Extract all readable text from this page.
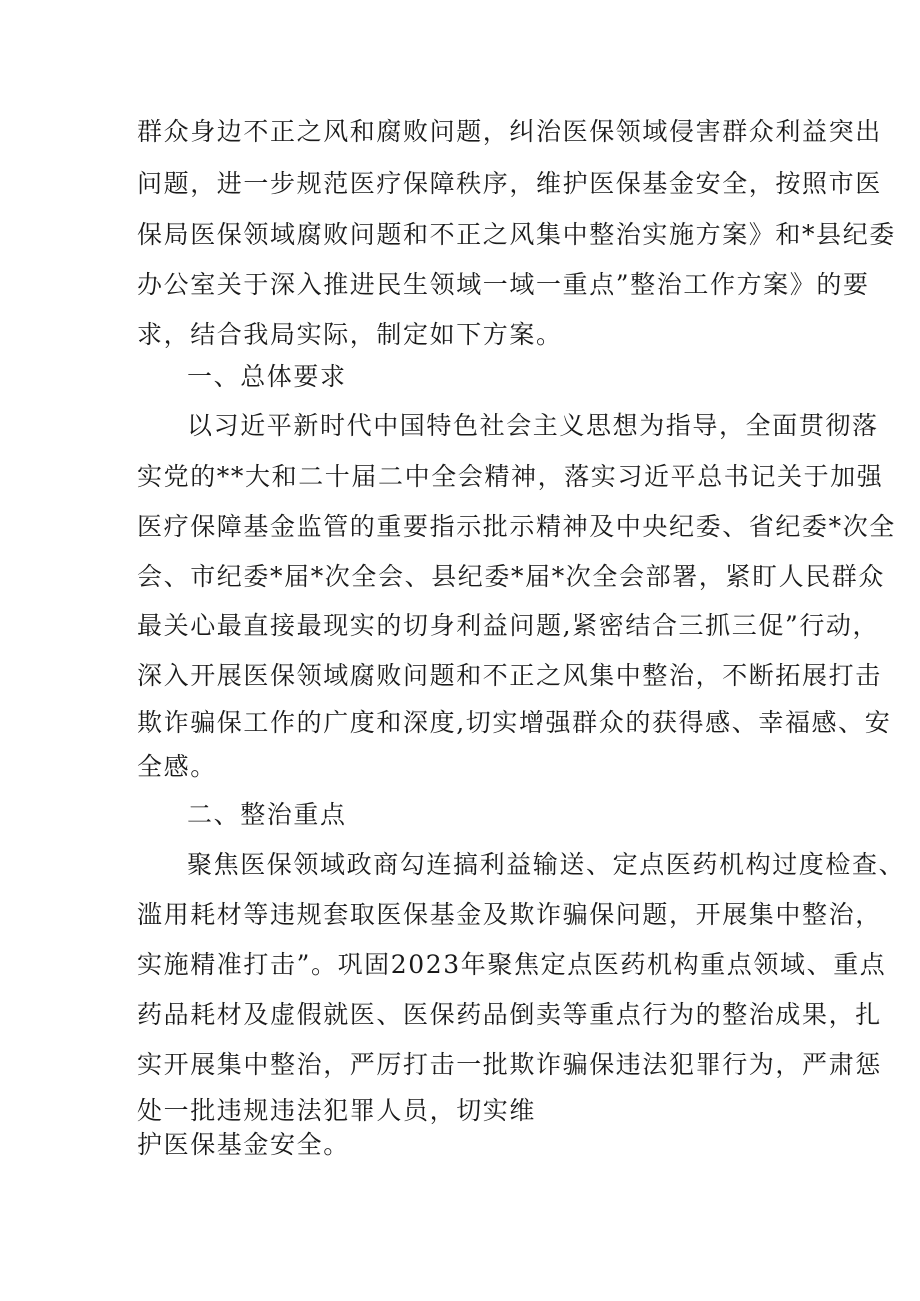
群众身边不正之风和腐败问题，纠治医保领域侵害群众利益突出

问题，进一步规范医疗保障秩序，维护医保基金安全，按照市医

保局医保领域腐败问题和不正之风集中整治实施方案》和*县纪委

办公室关于深入推进民生领域一域一重点”整治工作方案》的要

求，结合我局实际，制定如下方案。

一、总体要求

以习近平新时代中国特色社会主义思想为指导，全面贯彻落

实党的**大和二十届二中全会精神，落实习近平总书记关于加强

医疗保障基金监管的重要指示批示精神及中央纪委、省纪委*次全

会、市纪委*届*次全会、县纪委*届*次全会部署，紧盯人民群众

最关心最直接最现实的切身利益问题,紧密结合三抓三促”行动，

深入开展医保领域腐败问题和不正之风集中整治，不断拓展打击

欺诈骗保工作的广度和深度,切实增强群众的获得感、幸福感、安

全感。

二、整治重点

聚焦医保领域政商勾连搞利益输送、定点医药机构过度检查、

滥用耗材等违规套取医保基金及欺诈骗保问题，开展集中整治，

实施精准打击”。巩固2023年聚焦定点医药机构重点领域、重点

药品耗材及虚假就医、医保药品倒卖等重点行为的整治成果，扎

实开展集中整治，严厉打击一批欺诈骗保违法犯罪行为，严肃惩

处一批违规违法犯罪人员，切实维

护医保基金安全。
